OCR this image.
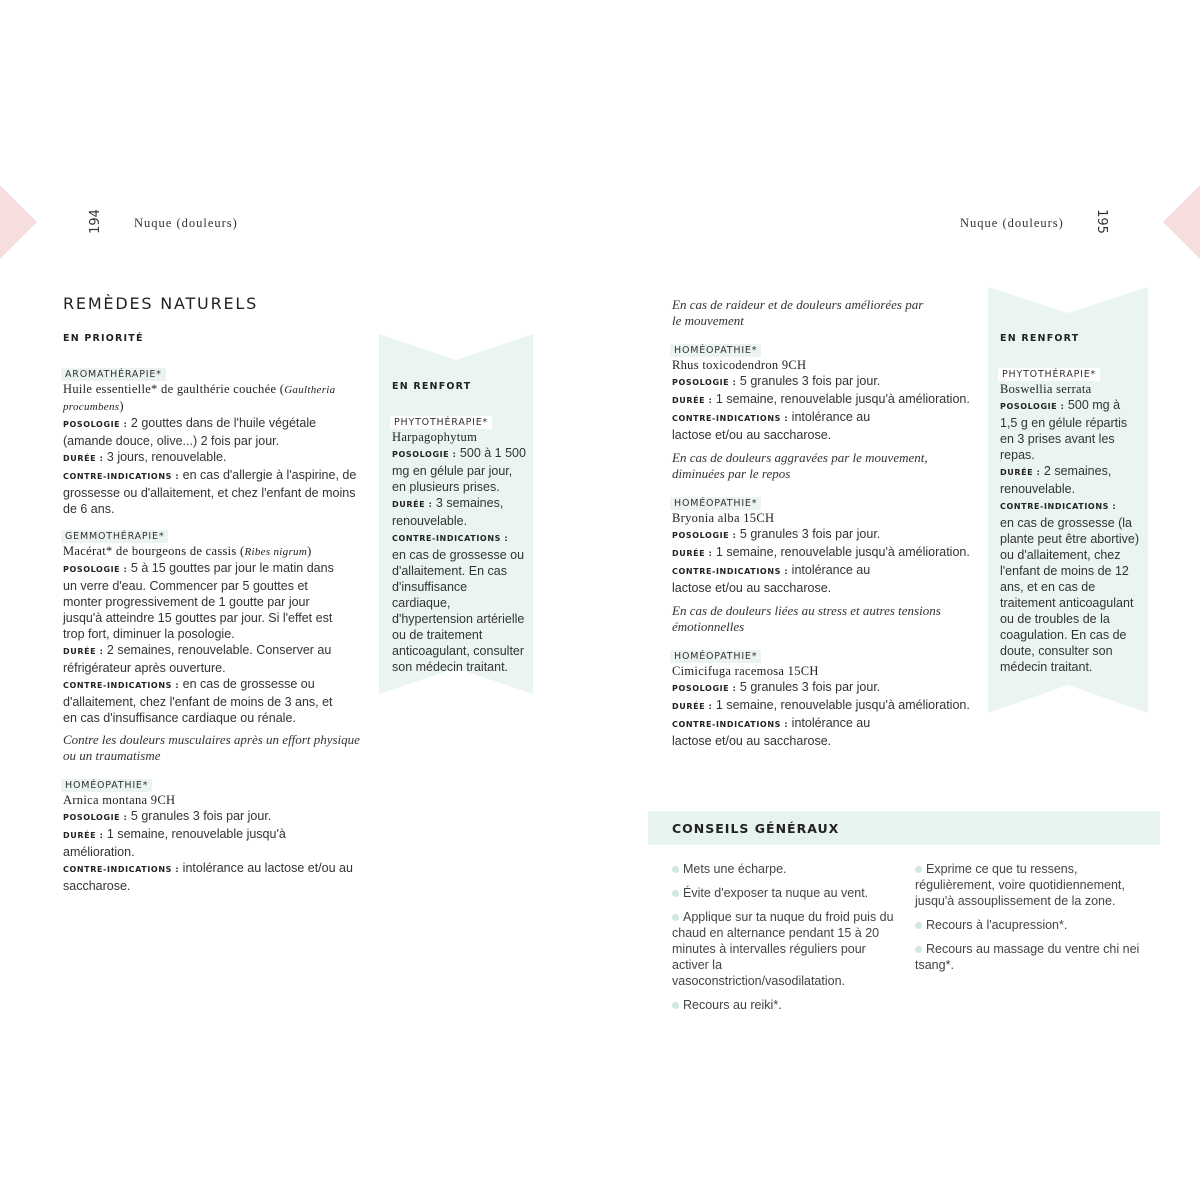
194 Nuque (douleurs)
REMÈDES NATURELS
EN PRIORITÉ
AROMATHÉRAPIE*
Huile essentielle* de gaulthérie couchée (Gaultheria procumbens)
POSOLOGIE : 2 gouttes dans de l'huile végétale (amande douce, olive...) 2 fois par jour.
DURÉE : 3 jours, renouvelable.
CONTRE-INDICATIONS : en cas d'allergie à l'aspirine, de grossesse ou d'allaitement, et chez l'enfant de moins de 6 ans.
GEMMOTHÉRAPIE*
Macérat* de bourgeons de cassis (Ribes nigrum)
POSOLOGIE : 5 à 15 gouttes par jour le matin dans un verre d'eau. Commencer par 5 gouttes et monter progressivement de 1 goutte par jour jusqu'à atteindre 15 gouttes par jour. Si l'effet est trop fort, diminuer la posologie.
DURÉE : 2 semaines, renouvelable. Conserver au réfrigérateur après ouverture.
CONTRE-INDICATIONS : en cas de grossesse ou d'allaitement, chez l'enfant de moins de 3 ans, et en cas d'insuffisance cardiaque ou rénale.
Contre les douleurs musculaires après un effort physique ou un traumatisme
HOMÉOPATHIE*
Arnica montana 9CH
POSOLOGIE : 5 granules 3 fois par jour.
DURÉE : 1 semaine, renouvelable jusqu'à amélioration.
CONTRE-INDICATIONS : intolérance au lactose et/ou au saccharose.
EN RENFORT
PHYTOTHÉRAPIE*
Harpagophytum
POSOLOGIE : 500 à 1 500 mg en gélule par jour, en plusieurs prises.
DURÉE : 3 semaines, renouvelable.
CONTRE-INDICATIONS :
en cas de grossesse ou d'allaitement. En cas d'insuffisance cardiaque, d'hypertension artérielle ou de traitement anticoagulant, consulter son médecin traitant.
Nuque (douleurs) 195
En cas de raideur et de douleurs améliorées par le mouvement
HOMÉOPATHIE*
Rhus toxicodendron 9CH
POSOLOGIE : 5 granules 3 fois par jour.
DURÉE : 1 semaine, renouvelable jusqu'à amélioration.
CONTRE-INDICATIONS : intolérance au lactose et/ou au saccharose.
En cas de douleurs aggravées par le mouvement, diminuées par le repos
HOMÉOPATHIE*
Bryonia alba 15CH
POSOLOGIE : 5 granules 3 fois par jour.
DURÉE : 1 semaine, renouvelable jusqu'à amélioration.
CONTRE-INDICATIONS : intolérance au lactose et/ou au saccharose.
En cas de douleurs liées au stress et autres tensions émotionnelles
HOMÉOPATHIE*
Cimicifuga racemosa 15CH
POSOLOGIE : 5 granules 3 fois par jour.
DURÉE : 1 semaine, renouvelable jusqu'à amélioration.
CONTRE-INDICATIONS : intolérance au lactose et/ou au saccharose.
EN RENFORT
PHYTOTHÉRAPIE*
Boswellia serrata
POSOLOGIE : 500 mg à 1,5 g en gélule répartis en 3 prises avant les repas.
DURÉE : 2 semaines, renouvelable.
CONTRE-INDICATIONS :
en cas de grossesse (la plante peut être abortive) ou d'allaitement, chez l'enfant de moins de 12 ans, et en cas de traitement anticoagulant ou de troubles de la coagulation. En cas de doute, consulter son médecin traitant.
CONSEILS GÉNÉRAUX
Mets une écharpe.
Évite d'exposer ta nuque au vent.
Applique sur ta nuque du froid puis du chaud en alternance pendant 15 à 20 minutes à intervalles réguliers pour activer la vasoconstriction/vasodilatation.
Recours au reiki*.
Exprime ce que tu ressens, régulièrement, voire quotidiennement, jusqu'à assouplissement de la zone.
Recours à l'acupression*.
Recours au massage du ventre chi nei tsang*.
